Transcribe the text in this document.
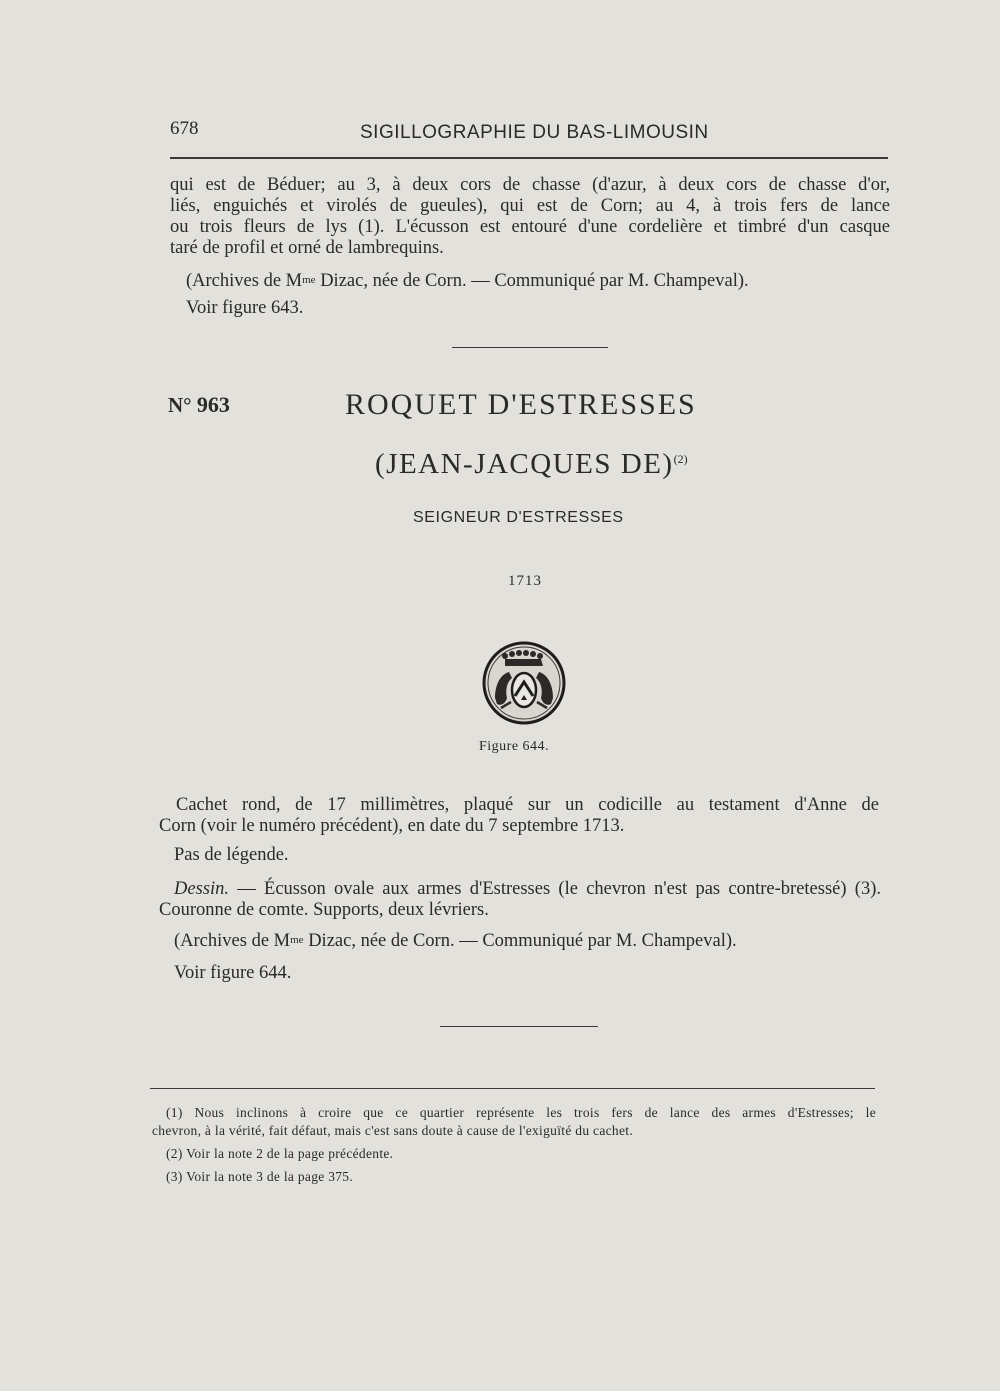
678	SIGILLOGRAPHIE DU BAS-LIMOUSIN
qui est de Béduer; au 3, à deux cors de chasse (d'azur, à deux cors de chasse d'or,
liés, enguichés et virolés de gueules), qui est de Corn; au 4, à trois fers de lance
ou trois fleurs de lys (1). L'écusson est entouré d'une cordelière et timbré d'un casque
taré de profil et orné de lambrequins.
(Archives de $M^{me}$ Dizac, née de Corn. — Communiqué par M. Champeval).
Voir figure 643.
N° 963	ROQUET D'ESTRESSES
(JEAN-JACQUES DE)$^{(2)}$
SEIGNEUR D'ESTRESSES
1713
Figure 644.
Cachet rond, de 17 millimètres, plaqué sur un codicille au testament d'Anne de
Corn (voir le numéro précédent), en date du 7 septembre 1713.
Pas de légende.
Dessin. — Écusson ovale aux armes d'Estresses (le chevron n'est pas contre-bretessé) (3).
Couronne de comte. Supports, deux lévriers.
(Archives de $M^{me}$ Dizac, née de Corn. — Communiqué par M. Champeval).
Voir figure 644.
(1) Nous inclinons à croire que ce quartier représente les trois fers de lance des armes d'Estresses; le
chevron, à la vérité, fait défaut, mais c'est sans doute à cause de l'exiguïté du cachet.
(2) Voir la note 2 de la page précédente.
(3) Voir la note 3 de la page 375.
